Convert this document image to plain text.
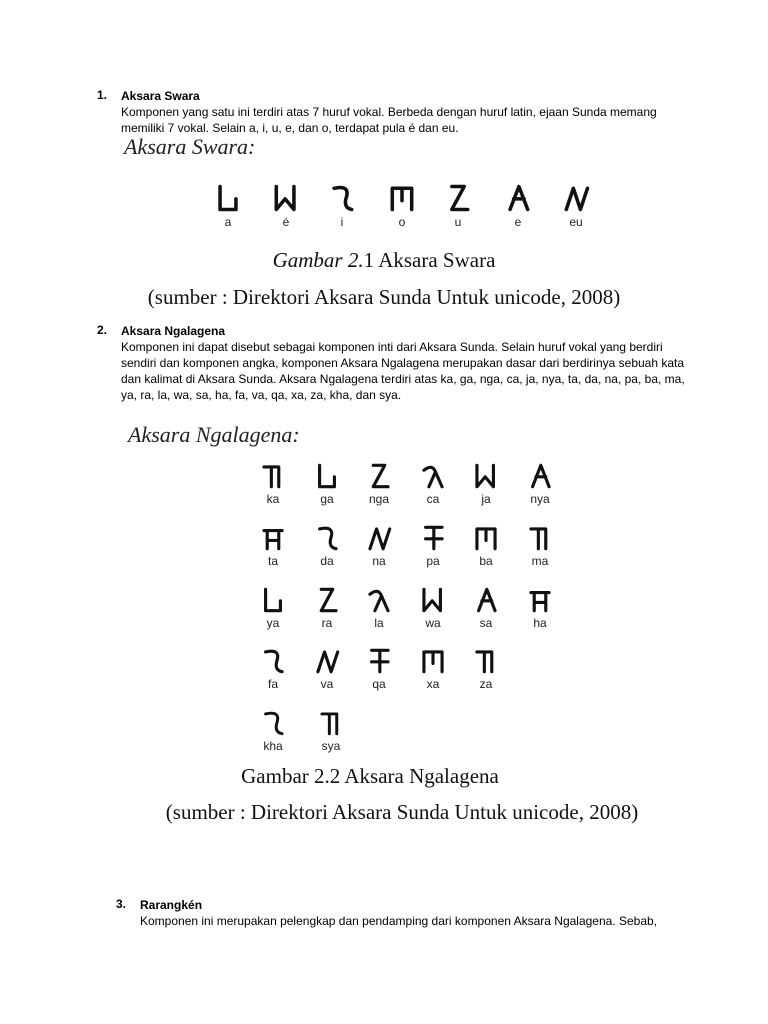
1. Aksara Swara

Komponen yang satu ini terdiri atas 7 huruf vokal. Berbeda dengan huruf latin, ejaan Sunda memang

memiliki 7 vokal. Selain a, i, u, e, dan o, terdapat pula é dan eu.

Aksara Swara:
a	é	i	o	u	e	eu
Gambar 2.1 Aksara Swara
(sumber : Direktori Aksara Sunda Untuk unicode, 2008)
2. Aksara Ngalagena

Komponen ini dapat disebut sebagai komponen inti dari Aksara Sunda. Selain huruf vokal yang berdiri

sendiri dan komponen angka, komponen Aksara Ngalagena merupakan dasar dari berdirinya sebuah kata

dan kalimat di Aksara Sunda. Aksara Ngalagena terdiri atas ka, ga, nga, ca, ja, nya, ta, da, na, pa, ba, ma,

ya, ra, la, wa, sa, ha, fa, va, qa, xa, za, kha, dan sya.

Aksara Ngalagena:
ka	ga	nga	ca	ja	nya
ta	da	na	pa	ba	ma
ya	ra	la	wa	sa	ha
fa	va	qa	xa	za
kha	sya
Gambar 2.2 Aksara Ngalagena
(sumber : Direktori Aksara Sunda Untuk unicode, 2008)
3. Rarangkén

Komponen ini merupakan pelengkap dan pendamping dari komponen Aksara Ngalagena. Sebab,
